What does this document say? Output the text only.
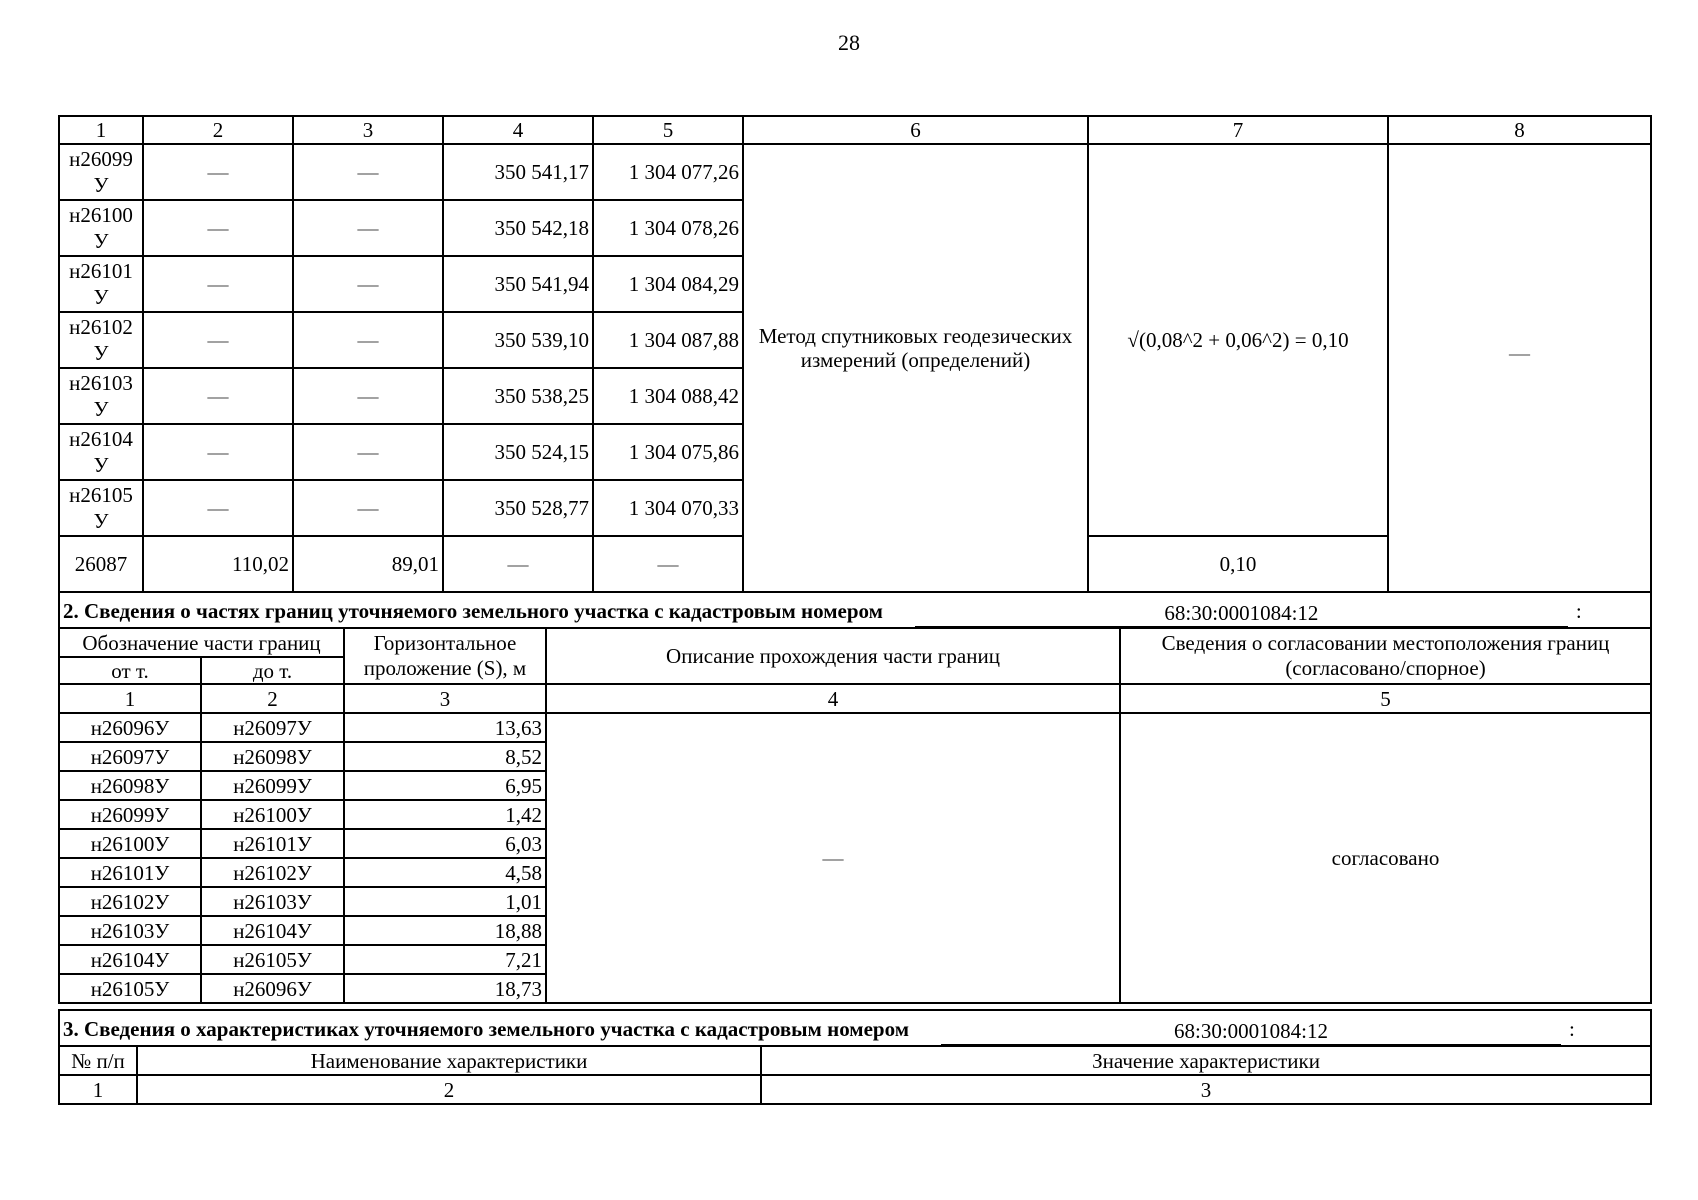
28
1	2	3	4	5	6	7	8
н26099 У	—	—	350 541,17	1 304 077,26	Метод спутниковых геодезических измерений (определений)	√(0,08^2 + 0,06^2) = 0,10	—
н26100 У	—	—	350 542,18	1 304 078,26			
н26101 У	—	—	350 541,94	1 304 084,29			
н26102 У	—	—	350 539,10	1 304 087,88			
н26103 У	—	—	350 538,25	1 304 088,42			
н26104 У	—	—	350 524,15	1 304 075,86			
н26105 У	—	—	350 528,77	1 304 070,33			
26087	110,02	89,01	—	—		0,10	
2. Сведения о частях границ уточняемого земельного участка с кадастровым номером 68:30:0001084:12 :				

Обозначение части границ		Горизонтальное проложение (S), м	Описание прохождения части границ	Сведения о согласовании местоположения границ (согласовано/спорное)
от т.	до т.			
1	2	3	4	5
н26096У	н26097У	13,63	—	согласовано
н26097У	н26098У	8,52		
н26098У	н26099У	6,95		
н26099У	н26100У	1,42		
н26100У	н26101У	6,03		
н26101У	н26102У	4,58		
н26102У	н26103У	1,01		
н26103У	н26104У	18,88		
н26104У	н26105У	7,21		
н26105У	н26096У	18,73		
3. Сведения о характеристиках уточняемого земельного участка с кадастровым номером 68:30:0001084:12 :		

№ п/п	Наименование характеристики	Значение характеристики
1	2	3
